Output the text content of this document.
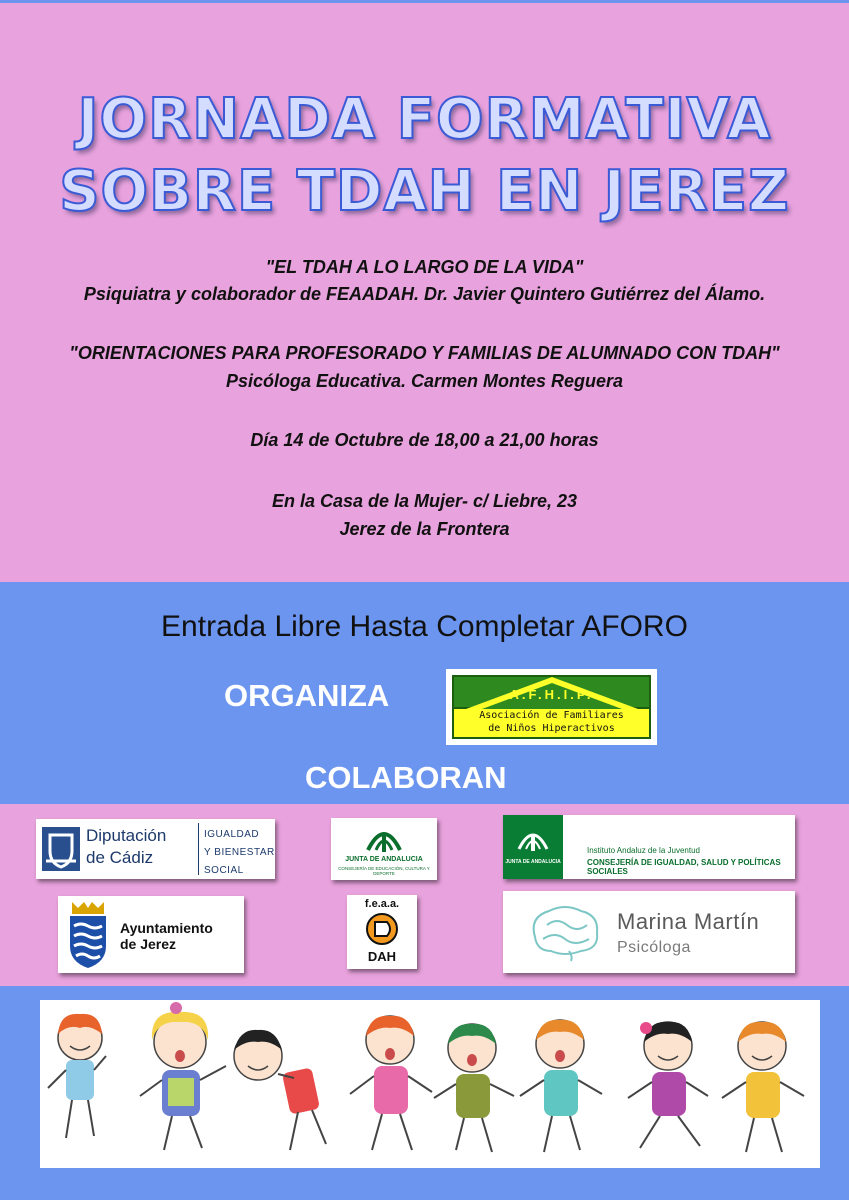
JORNADA FORMATIVA
SOBRE TDAH EN JEREZ
"EL TDAH A LO LARGO DE LA VIDA"
Psiquiatra y colaborador de FEAADAH. Dr. Javier Quintero Gutiérrez del Álamo.
"ORIENTACIONES PARA PROFESORADO Y FAMILIAS DE ALUMNADO CON TDAH"
Psicóloga Educativa. Carmen Montes Reguera
Día 14 de Octubre de 18,00 a 21,00 horas
En la Casa de la Mujer- c/ Liebre, 23
Jerez de la Frontera
Entrada Libre Hasta Completar AFORO
ORGANIZA	A.F.H.I.P.
Asociación de Familiares
de Niños Hiperactivos
COLABORAN
Diputación
de Cádiz
IGUALDAD
Y BIENESTAR SOCIAL
JUNTA DE ANDALUCIA
CONSEJERÍA DE EDUCACIÓN, CULTURA Y DEPORTE
JUNTA DE ANDALUCIA
Instituto Andaluz de la Juventud
CONSEJERÍA DE IGUALDAD, SALUD Y POLÍTICAS SOCIALES
Ayuntamiento
de Jerez
f.e.a.a.
DAH
Marina Martín
Psicóloga
